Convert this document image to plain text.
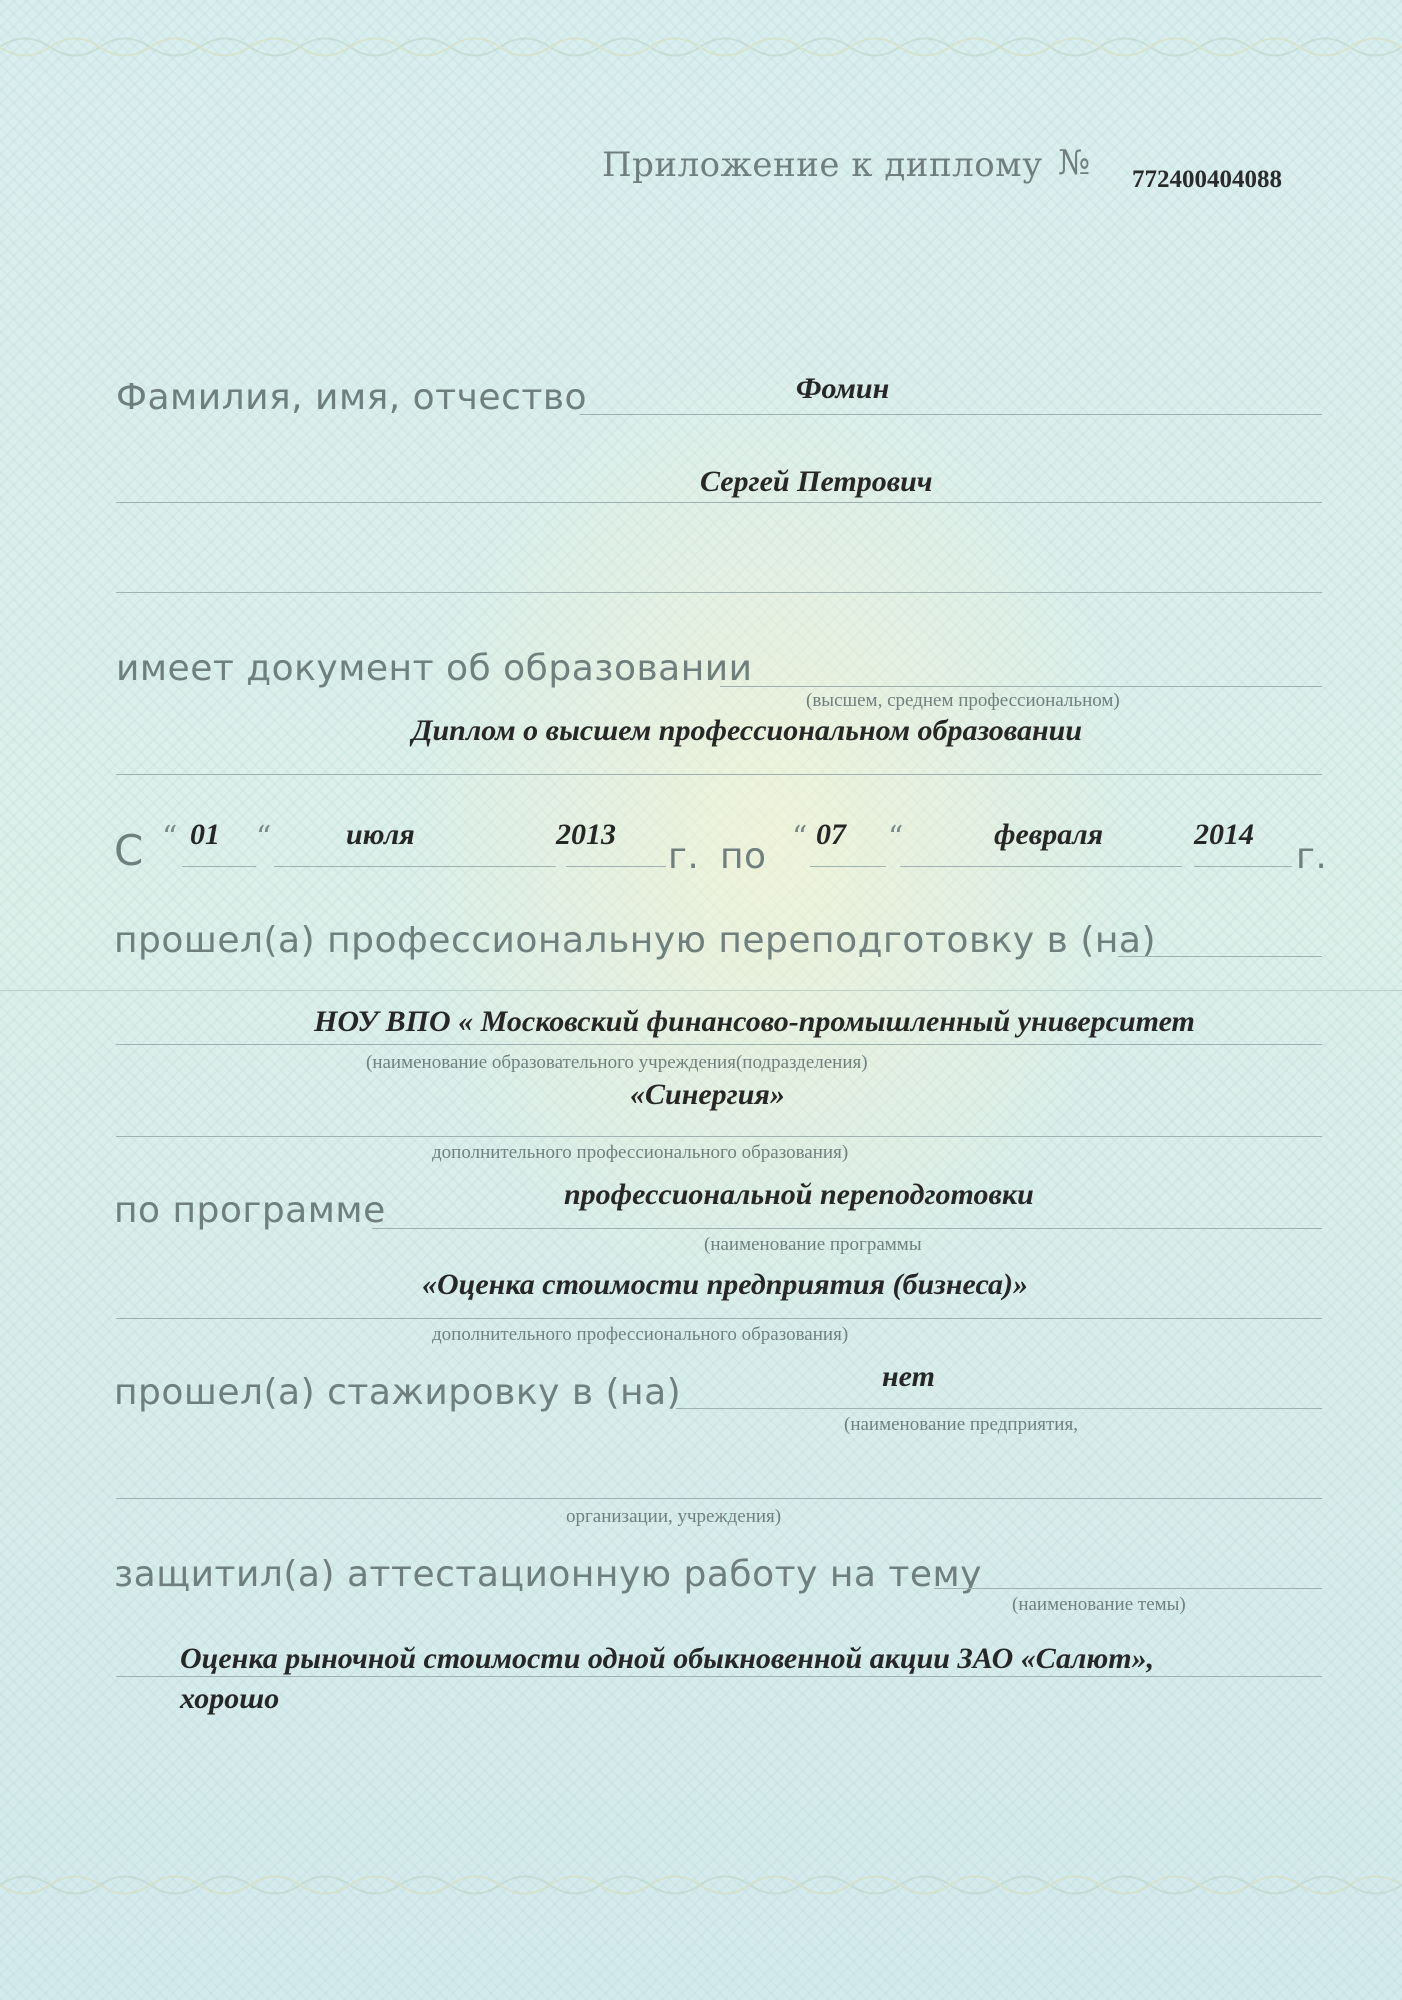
Приложение к диплому № 772400404088
Фамилия, имя, отчество	Фомин
Сергей Петрович
имеет документ об образовании
(высшем, среднем профессиональном)
Диплом о высшем профессиональном образовании
С “ 01 “ июля	2013
г. по “ 07 “	февраля	2014
г.
прошел(а) профессиональную переподготовку в (на)
НОУ ВПО « Московский финансово-промышленный университет
(наименование образовательного учреждения(подразделения)
«Синергия»
дополнительного профессионального образования)
по программе	профессиональной переподготовки
(наименование программы
«Оценка стоимости предприятия (бизнеса)»
дополнительного профессионального образования)
прошел(а) стажировку в (на)	нет
(наименование предприятия,
организации, учреждения)
защитил(а) аттестационную работу на тему
(наименование темы)
Оценка рыночной стоимости одной обыкновенной акции ЗАО «Салют»,
хорошо
